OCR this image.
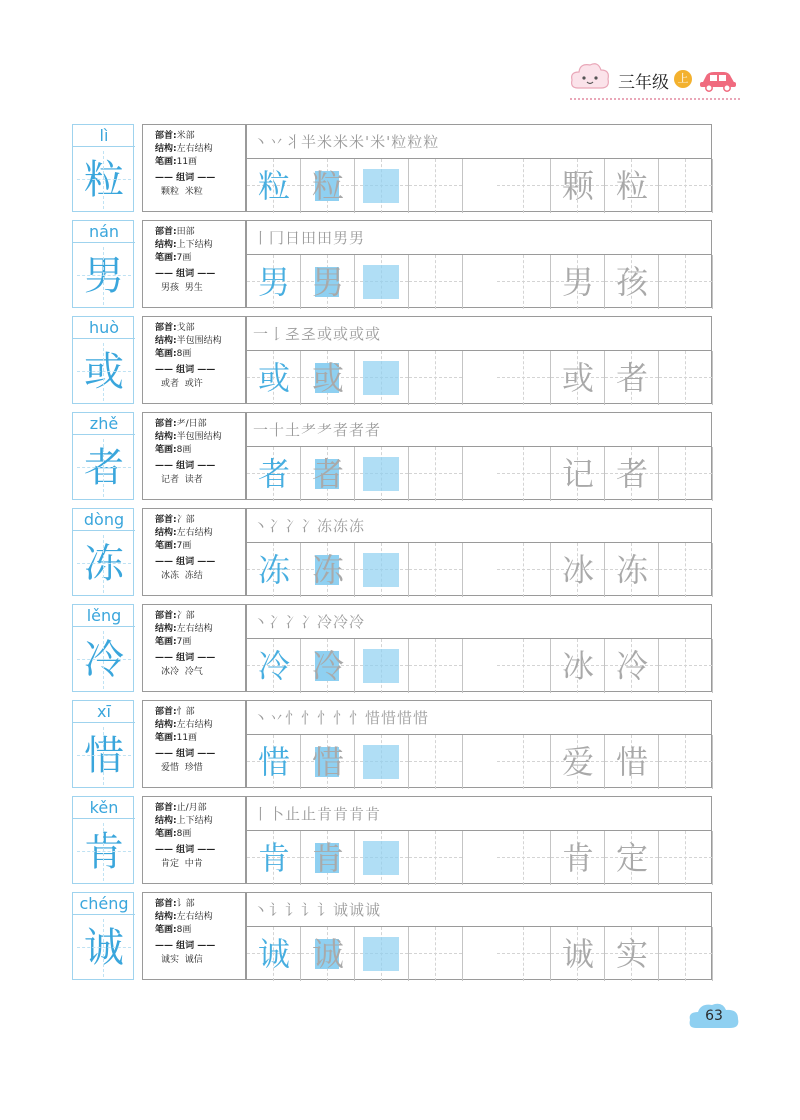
三年级 上
lì
粒
部首:米部
结构:左右结构
笔画:11画
—— 组词 ——
颗粒 米粒
丶丷丬半米米米'米'粒粒粒
粒 粒	颗 粒
nán
男
部首:田部
结构:上下结构
笔画:7画
—— 组词 ——
男孩 男生
丨冂日田田男男
男 男	男 孩
huò
或
部首:戈部
结构:半包围结构
笔画:8画
—— 组词 ——
或者 或许
一𠄌𢀖𢀖或或或或
或 或	或 者
zhě
者
部首:耂/日部
结构:半包围结构
笔画:8画
—— 组词 ——
记者 读者
一十土耂耂者者者
者 者	记 者
dòng
冻
部首:冫部
结构:左右结构
笔画:7画
—— 组词 ——
冰冻 冻结
丶冫冫冫冻冻冻
冻 冻	冰 冻
lěng
冷
部首:冫部
结构:左右结构
笔画:7画
—— 组词 ——
冰冷 冷气
丶冫冫冫冷冷冷
冷 冷	冰 冷
xī
惜
部首:忄部
结构:左右结构
笔画:11画
—— 组词 ——
爱惜 珍惜
丶丷忄忄忄忄忄惜惜惜惜
惜 惜	爱 惜
kěn
肯
部首:止/月部
结构:上下结构
笔画:8画
—— 组词 ——
肯定 中肯
丨卜止止肯肯肯肯
肯 肯	肯 定
chéng
诚
部首:讠部
结构:左右结构
笔画:8画
—— 组词 ——
诚实 诚信
丶讠讠讠讠诚诚诚
诚 诚	诚 实
63
